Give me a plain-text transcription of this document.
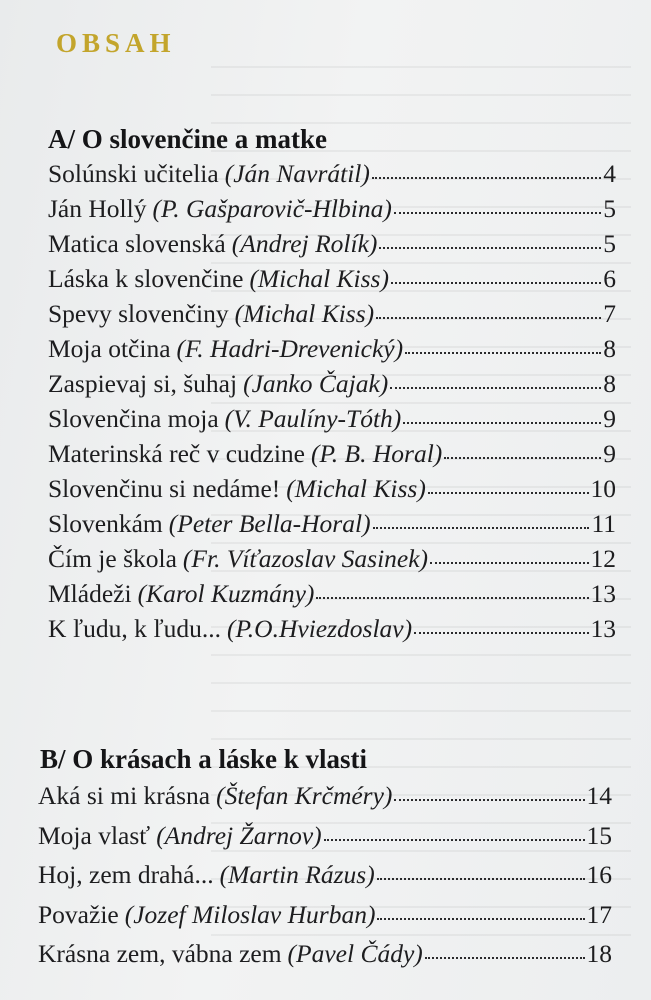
OBSAH
A/ O slovenčine a matke
Solúnski učitelia (Ján Navrátil)	4
Ján Hollý (P. Gašparovič-Hlbina)	5
Matica slovenská (Andrej Rolík)	5
Láska k slovenčine (Michal Kiss)	6
Spevy slovenčiny (Michal Kiss)	7
Moja otčina (F. Hadri-Drevenický)	8
Zaspievaj si, šuhaj (Janko Čajak)	8
Slovenčina moja (V. Paulíny-Tóth)	9
Materinská reč v cudzine (P. B. Horal)	9
Slovenčinu si nedáme! (Michal Kiss)	10
Slovenkám (Peter Bella-Horal)	11
Čím je škola (Fr. Víťazoslav Sasinek)	12
Mládeži (Karol Kuzmány)	13
K ľudu, k ľudu... (P.O.Hviezdoslav)	13
B/ O krásach a láske k vlasti
Aká si mi krásna (Štefan Krčméry)	14
Moja vlasť (Andrej Žarnov)	15
Hoj, zem drahá... (Martin Rázus)	16
Považie (Jozef Miloslav Hurban)	17
Krásna zem, vábna zem (Pavel Čády)	18
